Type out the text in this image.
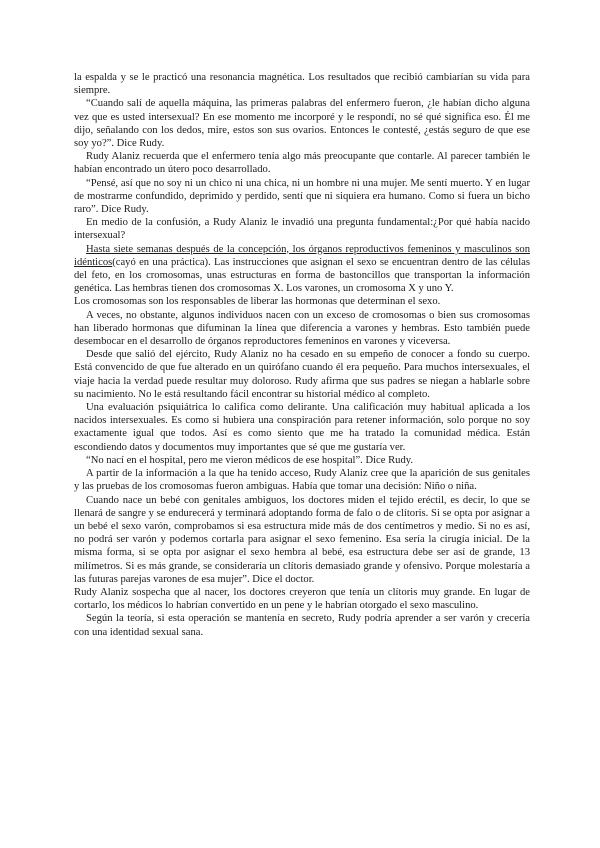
la espalda y se le practicó una resonancia magnética. Los resultados que recibió cambiarían su vida para siempre.

“Cuando salí de aquella máquina, las primeras palabras del enfermero fueron, ¿le habían dicho alguna vez que es usted intersexual? En ese momento me incorporé y le respondí, no sé qué significa eso. Él me dijo, señalando con los dedos, mire, estos son sus ovarios. Entonces le contesté, ¿estás seguro de que ese soy yo?”. Dice Rudy.

Rudy Alaniz recuerda que el enfermero tenía algo más preocupante que contarle. Al parecer también le habían encontrado un útero poco desarrollado.

“Pensé, así que no soy ni un chico ni una chica, ni un hombre ni una mujer. Me sentí muerto. Y en lugar de mostrarme confundido, deprimido y perdido, sentí que ni siquiera era humano. Como si fuera un bicho raro”. Dice Rudy.

En medio de la confusión, a Rudy Alaniz le invadió una pregunta fundamental:¿Por qué había nacido intersexual?

Hasta siete semanas después de la concepción, los órganos reproductivos femeninos y masculinos son idénticos(cayó en una práctica). Las instrucciones que asignan el sexo se encuentran dentro de las células del feto, en los cromosomas, unas estructuras en forma de bastoncillos que transportan la información genética. Las hembras tienen dos cromosomas X. Los varones, un cromosoma X y uno Y.

Los cromosomas son los responsables de liberar las hormonas que determinan el sexo.

A veces, no obstante, algunos individuos nacen con un exceso de cromosomas o bien sus cromosomas han liberado hormonas que difuminan la línea que diferencia a varones y hembras. Esto también puede desembocar en el desarrollo de órganos reproductores femeninos en varones y viceversa.

Desde que salió del ejército, Rudy Alaniz no ha cesado en su empeño de conocer a fondo su cuerpo. Está convencido de que fue alterado en un quirófano cuando él era pequeño. Para muchos intersexuales, el viaje hacia la verdad puede resultar muy doloroso. Rudy afirma que sus padres se niegan a hablarle sobre su nacimiento. No le está resultando fácil encontrar su historial médico al completo.

Una evaluación psiquiátrica lo califica como delirante. Una calificación muy habitual aplicada a los nacidos intersexuales. Es como si hubiera una conspiración para retener información, solo porque no soy exactamente igual que todos. Así es como siento que me ha tratado la comunidad médica. Están escondiendo datos y documentos muy importantes que sé que me gustaría ver.

“No nací en el hospital, pero me vieron médicos de ese hospital”. Dice Rudy.

A partir de la información a la que ha tenido acceso, Rudy Alaniz cree que la aparición de sus genitales y las pruebas de los cromosomas fueron ambiguas. Había que tomar una decisión: Niño o niña.

Cuando nace un bebé con genitales ambiguos, los doctores miden el tejido eréctil, es decir, lo que se llenará de sangre y se endurecerá y terminará adoptando forma de falo o de clítoris. Si se opta por asignar a un bebé el sexo varón, comprobamos si esa estructura mide más de dos centímetros y medio. Si no es así, no podrá ser varón y podemos cortarla para asignar el sexo femenino. Esa sería la cirugía inicial. De la misma forma, si se opta por asignar el sexo hembra al bebé, esa estructura debe ser así de grande, 13 milímetros. Si es más grande, se consideraría un clítoris demasiado grande y ofensivo. Porque molestaría a las futuras parejas varones de esa mujer”. Dice el doctor.

Rudy Alaniz sospecha que al nacer, los doctores creyeron que tenía un clítoris muy grande. En lugar de cortarlo, los médicos lo habrían convertido en un pene y le habrían otorgado el sexo masculino.

Según la teoría, si esta operación se mantenía en secreto, Rudy podría aprender a ser varón y crecería con una identidad sexual sana.
